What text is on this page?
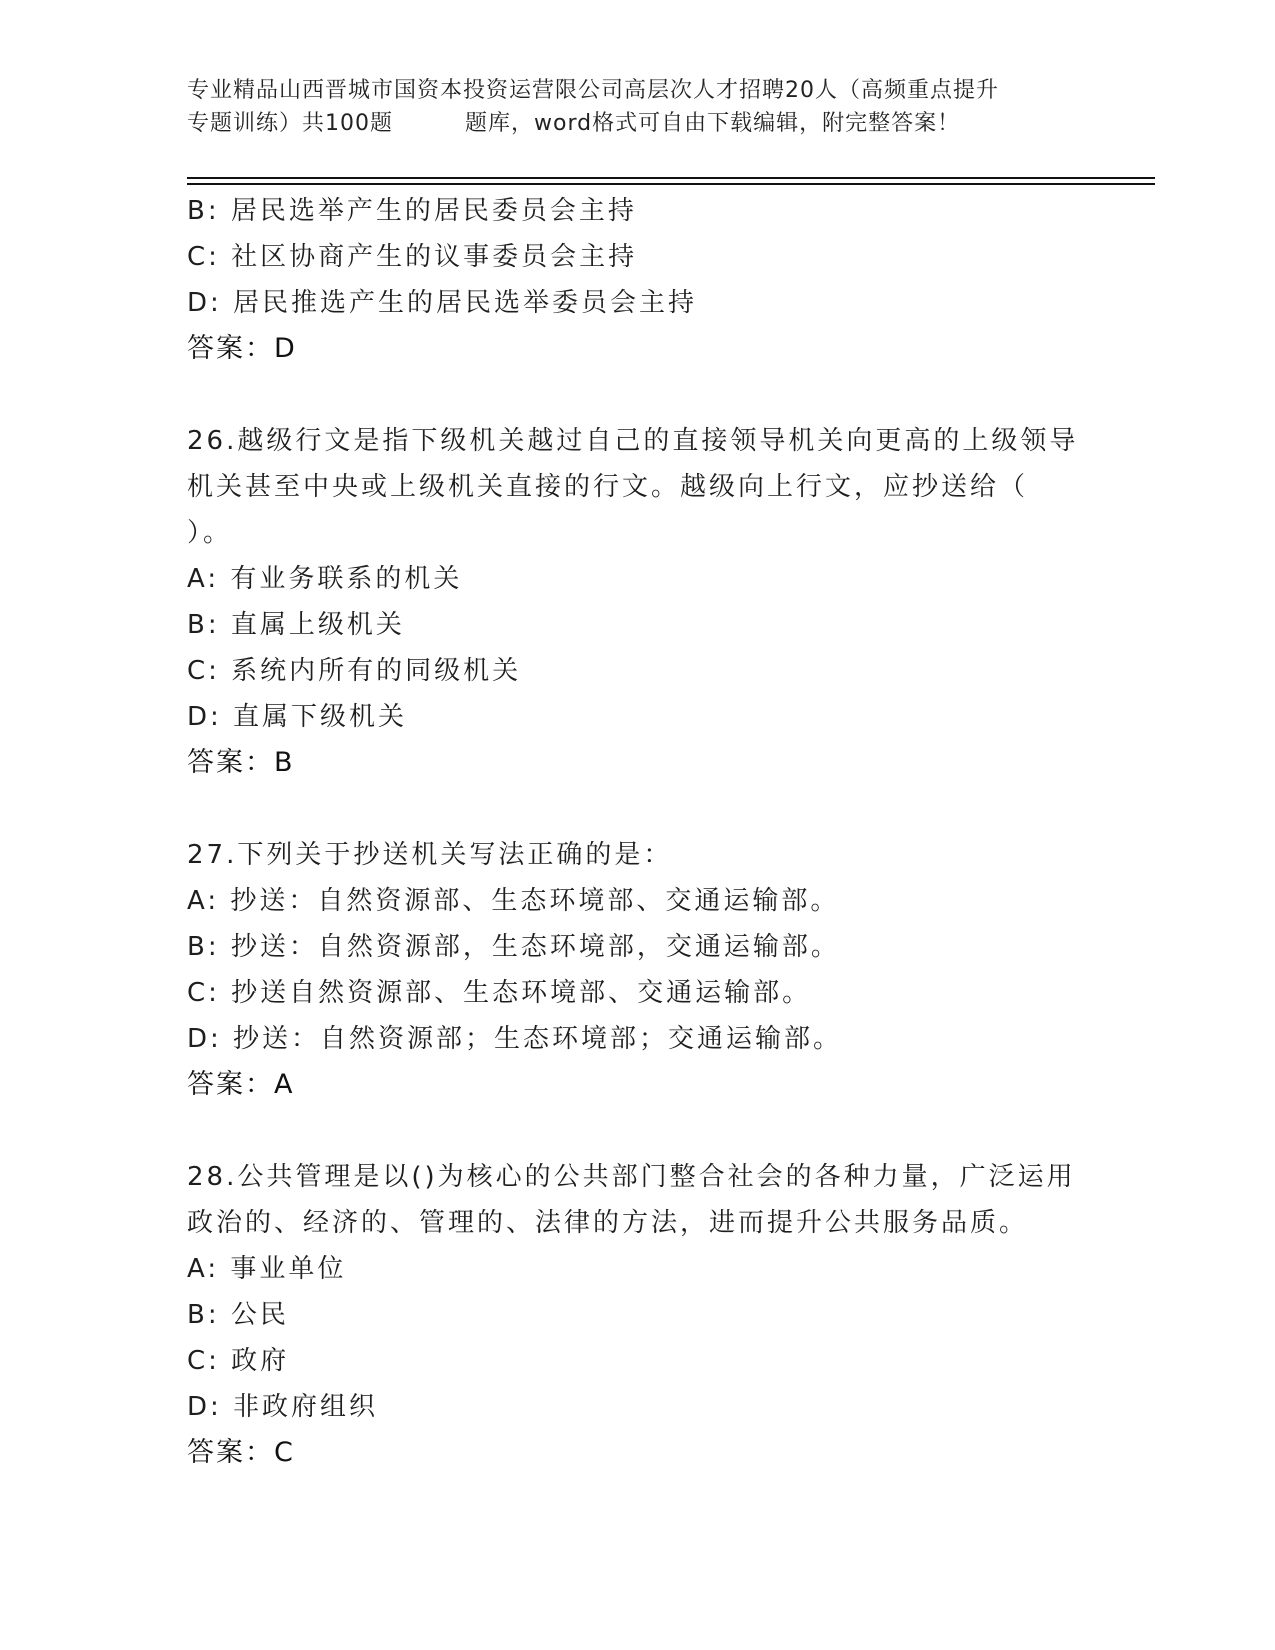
专业精品山西晋城市国资本投资运营限公司高层次人才招聘20人（高频重点提升
专题训练）共100题	题库，word格式可自由下载编辑，附完整答案！
B: 居民选举产生的居民委员会主持
C: 社区协商产生的议事委员会主持
D: 居民推选产生的居民选举委员会主持
答案：D
26.越级行文是指下级机关越过自己的直接领导机关向更高的上级领导
机关甚至中央或上级机关直接的行文。越级向上行文，应抄送给（
）。
A: 有业务联系的机关
B: 直属上级机关
C: 系统内所有的同级机关
D: 直属下级机关
答案：B
27.下列关于抄送机关写法正确的是：
A: 抄送：自然资源部、生态环境部、交通运输部。
B: 抄送：自然资源部，生态环境部，交通运输部。
C: 抄送自然资源部、生态环境部、交通运输部。
D: 抄送：自然资源部；生态环境部；交通运输部。
答案：A
28.公共管理是以()为核心的公共部门整合社会的各种力量，广泛运用
政治的、经济的、管理的、法律的方法，进而提升公共服务品质。
A: 事业单位
B: 公民
C: 政府
D: 非政府组织
答案：C
